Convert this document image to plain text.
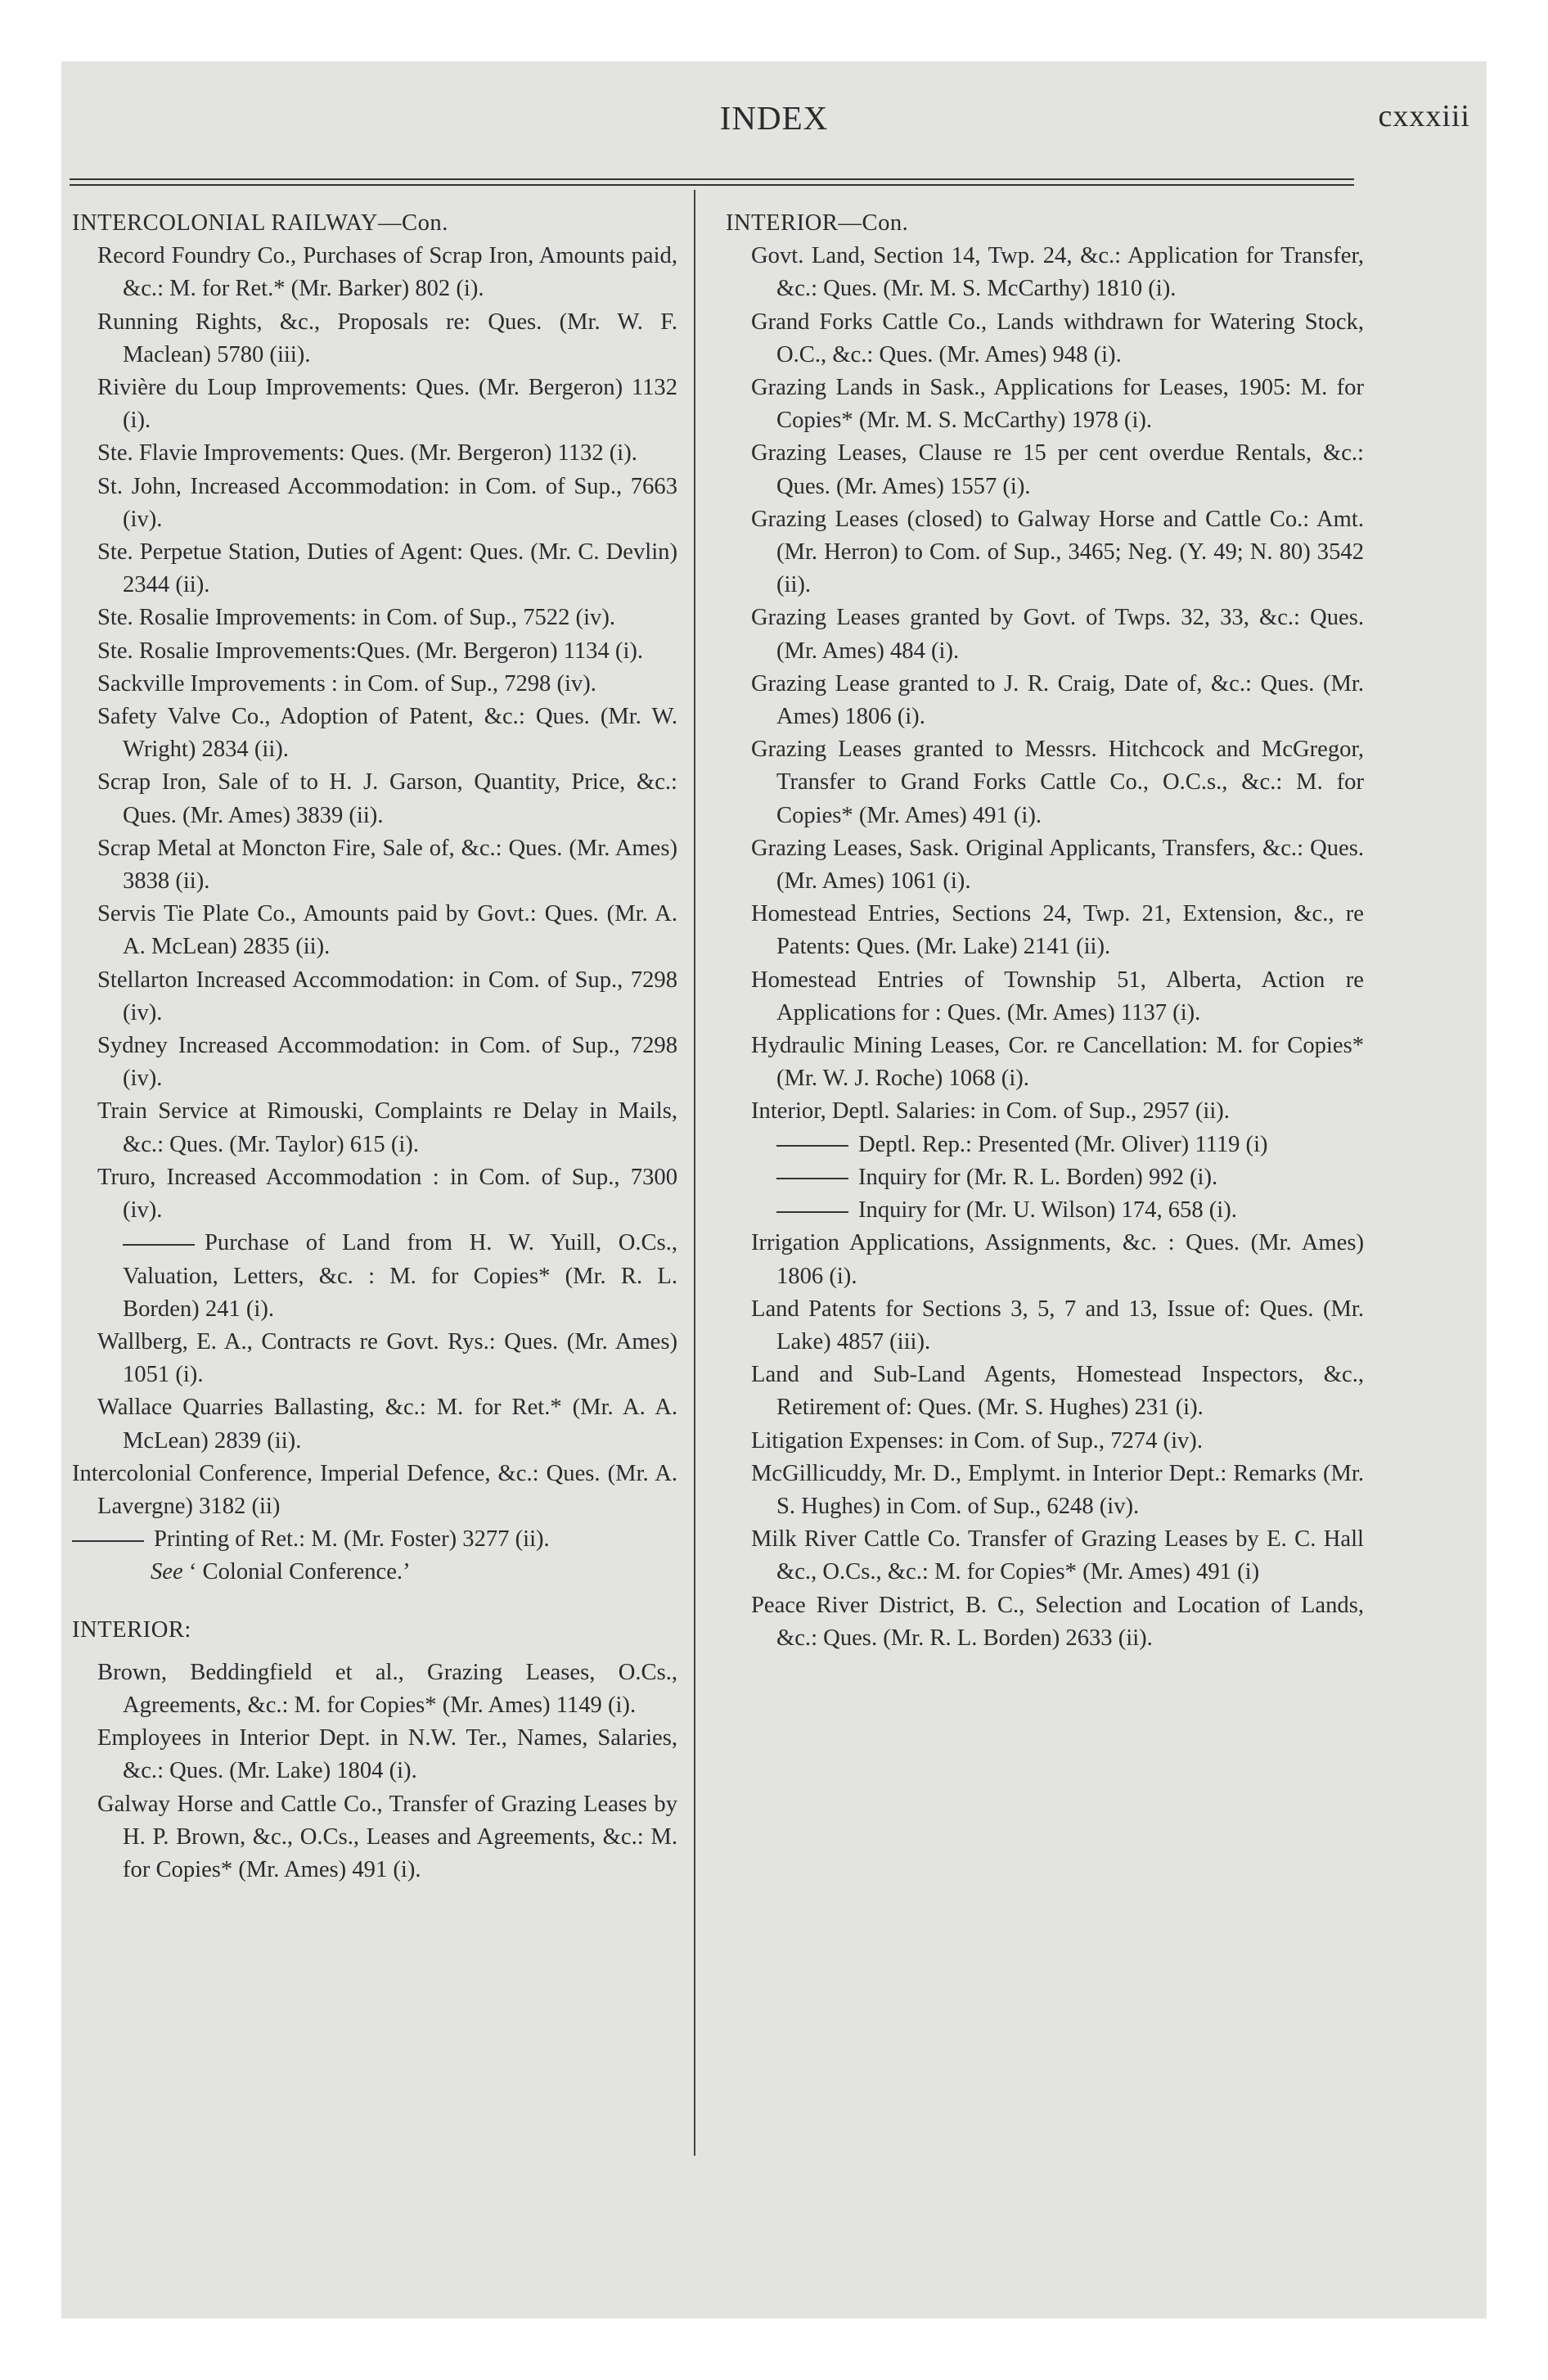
INDEX	cxxxiii

INTERCOLONIAL RAILWAY—Con.

Record Foundry Co., Purchases of Scrap Iron, Amounts paid, &c.: M. for Ret.* (Mr. Barker) 802 (i).

Running Rights, &c., Proposals re: Ques. (Mr. W. F. Maclean) 5780 (iii).

Rivière du Loup Improvements: Ques. (Mr. Bergeron) 1132 (i).

Ste. Flavie Improvements: Ques. (Mr. Bergeron) 1132 (i).

St. John, Increased Accommodation: in Com. of Sup., 7663 (iv).

Ste. Perpetue Station, Duties of Agent: Ques. (Mr. C. Devlin) 2344 (ii).

Ste. Rosalie Improvements: in Com. of Sup., 7522 (iv).

Ste. Rosalie Improvements:Ques. (Mr. Bergeron) 1134 (i).

Sackville Improvements : in Com. of Sup., 7298 (iv).

Safety Valve Co., Adoption of Patent, &c.: Ques. (Mr. W. Wright) 2834 (ii).

Scrap Iron, Sale of to H. J. Garson, Quantity, Price, &c.: Ques. (Mr. Ames) 3839 (ii).

Scrap Metal at Moncton Fire, Sale of, &c.: Ques. (Mr. Ames) 3838 (ii).

Servis Tie Plate Co., Amounts paid by Govt.: Ques. (Mr. A. A. McLean) 2835 (ii).

Stellarton Increased Accommodation: in Com. of Sup., 7298 (iv).

Sydney Increased Accommodation: in Com. of Sup., 7298 (iv).

Train Service at Rimouski, Complaints re Delay in Mails, &c.: Ques. (Mr. Taylor) 615 (i).

Truro, Increased Accommodation : in Com. of Sup., 7300 (iv).

Purchase of Land from H. W. Yuill, O.Cs., Valuation, Letters, &c. : M. for Copies* (Mr. R. L. Borden) 241 (i).

Wallberg, E. A., Contracts re Govt. Rys.: Ques. (Mr. Ames) 1051 (i).

Wallace Quarries Ballasting, &c.: M. for Ret.* (Mr. A. A. McLean) 2839 (ii).

Intercolonial Conference, Imperial Defence, &c.: Ques. (Mr. A. Lavergne) 3182 (ii)

Printing of Ret.: M. (Mr. Foster) 3277 (ii).

See ‘ Colonial Conference.’

INTERIOR:

Brown, Beddingfield et al., Grazing Leases, O.Cs., Agreements, &c.: M. for Copies* (Mr. Ames) 1149 (i).

Employees in Interior Dept. in N.W. Ter., Names, Salaries, &c.: Ques. (Mr. Lake) 1804 (i).

Galway Horse and Cattle Co., Transfer of Grazing Leases by H. P. Brown, &c., O.Cs., Leases and Agreements, &c.: M. for Copies* (Mr. Ames) 491 (i).

INTERIOR—Con.

Govt. Land, Section 14, Twp. 24, &c.: Application for Transfer, &c.: Ques. (Mr. M. S. McCarthy) 1810 (i).

Grand Forks Cattle Co., Lands withdrawn for Watering Stock, O.C., &c.: Ques. (Mr. Ames) 948 (i).

Grazing Lands in Sask., Applications for Leases, 1905: M. for Copies* (Mr. M. S. McCarthy) 1978 (i).

Grazing Leases, Clause re 15 per cent overdue Rentals, &c.: Ques. (Mr. Ames) 1557 (i).

Grazing Leases (closed) to Galway Horse and Cattle Co.: Amt. (Mr. Herron) to Com. of Sup., 3465; Neg. (Y. 49; N. 80) 3542 (ii).

Grazing Leases granted by Govt. of Twps. 32, 33, &c.: Ques. (Mr. Ames) 484 (i).

Grazing Lease granted to J. R. Craig, Date of, &c.: Ques. (Mr. Ames) 1806 (i).

Grazing Leases granted to Messrs. Hitchcock and McGregor, Transfer to Grand Forks Cattle Co., O.C.s., &c.: M. for Copies* (Mr. Ames) 491 (i).

Grazing Leases, Sask. Original Applicants, Transfers, &c.: Ques. (Mr. Ames) 1061 (i).

Homestead Entries, Sections 24, Twp. 21, Extension, &c., re Patents: Ques. (Mr. Lake) 2141 (ii).

Homestead Entries of Township 51, Alberta, Action re Applications for : Ques. (Mr. Ames) 1137 (i).

Hydraulic Mining Leases, Cor. re Cancellation: M. for Copies* (Mr. W. J. Roche) 1068 (i).

Interior, Deptl. Salaries: in Com. of Sup., 2957 (ii).

Deptl. Rep.: Presented (Mr. Oliver) 1119 (i)

Inquiry for (Mr. R. L. Borden) 992 (i).

Inquiry for (Mr. U. Wilson) 174, 658 (i).

Irrigation Applications, Assignments, &c. : Ques. (Mr. Ames) 1806 (i).

Land Patents for Sections 3, 5, 7 and 13, Issue of: Ques. (Mr. Lake) 4857 (iii).

Land and Sub-Land Agents, Homestead Inspectors, &c., Retirement of: Ques. (Mr. S. Hughes) 231 (i).

Litigation Expenses: in Com. of Sup., 7274 (iv).

McGillicuddy, Mr. D., Emplymt. in Interior Dept.: Remarks (Mr. S. Hughes) in Com. of Sup., 6248 (iv).

Milk River Cattle Co. Transfer of Grazing Leases by E. C. Hall &c., O.Cs., &c.: M. for Copies* (Mr. Ames) 491 (i)

Peace River District, B. C., Selection and Location of Lands, &c.: Ques. (Mr. R. L. Borden) 2633 (ii).
